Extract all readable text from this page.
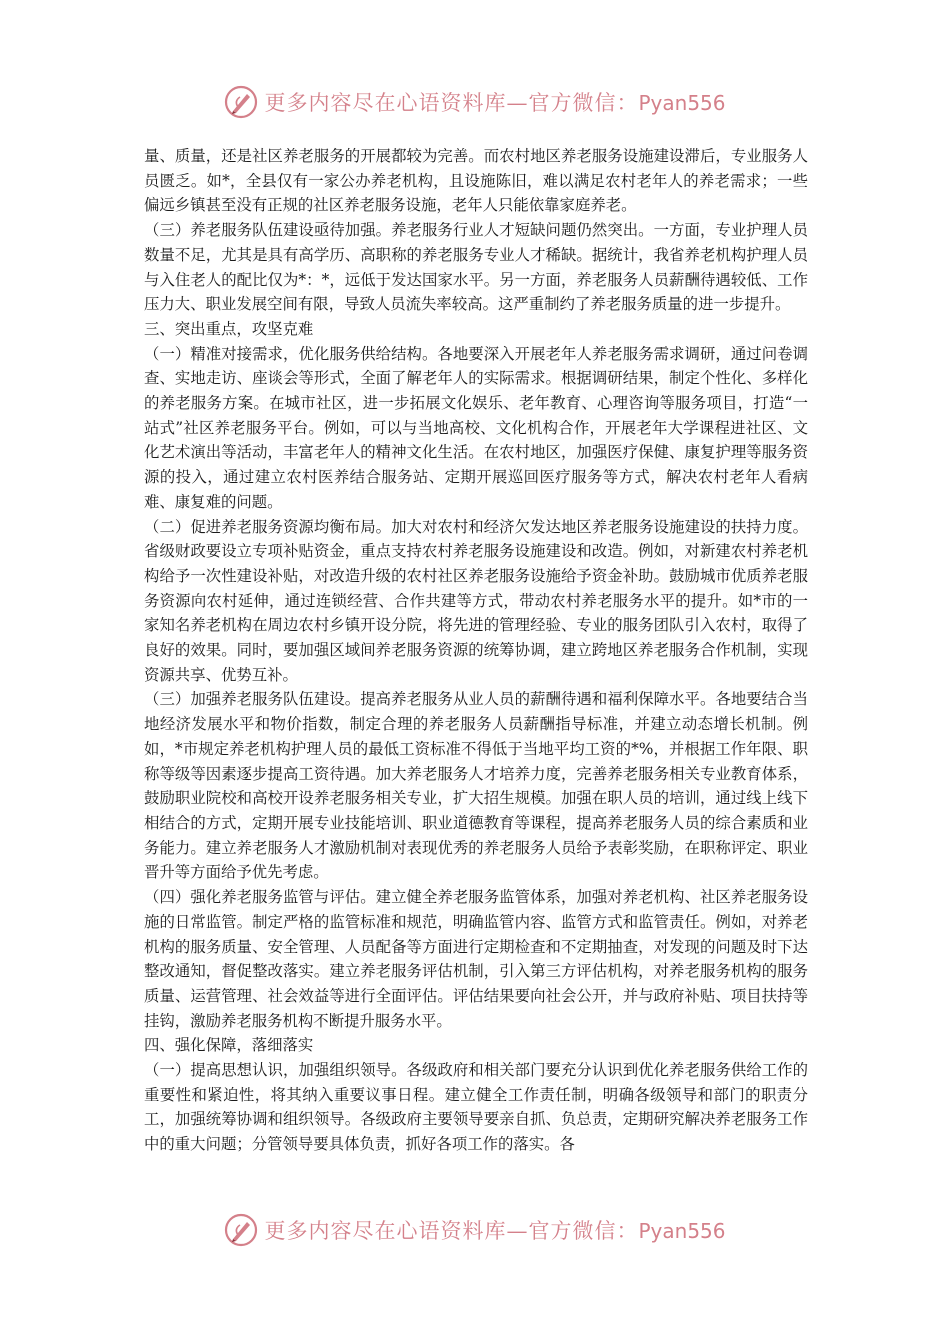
更多内容尽在心语资料库—官方微信：Pyan556

量、质量，还是社区养老服务的开展都较为完善。而农村地区养老服务设施建设滞后，专业服务人员匮乏。如*，全县仅有一家公办养老机构，且设施陈旧，难以满足农村老年人的养老需求；一些偏远乡镇甚至没有正规的社区养老服务设施，老年人只能依靠家庭养老。

（三）养老服务队伍建设亟待加强。养老服务行业人才短缺问题仍然突出。一方面，专业护理人员数量不足，尤其是具有高学历、高职称的养老服务专业人才稀缺。据统计，我省养老机构护理人员与入住老人的配比仅为*：*，远低于发达国家水平。另一方面，养老服务人员薪酬待遇较低、工作压力大、职业发展空间有限，导致人员流失率较高。这严重制约了养老服务质量的进一步提升。

三、突出重点，攻坚克难

（一）精准对接需求，优化服务供给结构。各地要深入开展老年人养老服务需求调研，通过问卷调查、实地走访、座谈会等形式，全面了解老年人的实际需求。根据调研结果，制定个性化、多样化的养老服务方案。在城市社区，进一步拓展文化娱乐、老年教育、心理咨询等服务项目，打造“一站式”社区养老服务平台。例如，可以与当地高校、文化机构合作，开展老年大学课程进社区、文化艺术演出等活动，丰富老年人的精神文化生活。在农村地区，加强医疗保健、康复护理等服务资源的投入，通过建立农村医养结合服务站、定期开展巡回医疗服务等方式，解决农村老年人看病难、康复难的问题。

（二）促进养老服务资源均衡布局。加大对农村和经济欠发达地区养老服务设施建设的扶持力度。省级财政要设立专项补贴资金，重点支持农村养老服务设施建设和改造。例如，对新建农村养老机构给予一次性建设补贴，对改造升级的农村社区养老服务设施给予资金补助。鼓励城市优质养老服务资源向农村延伸，通过连锁经营、合作共建等方式，带动农村养老服务水平的提升。如*市的一家知名养老机构在周边农村乡镇开设分院，将先进的管理经验、专业的服务团队引入农村，取得了良好的效果。同时，要加强区域间养老服务资源的统筹协调，建立跨地区养老服务合作机制，实现资源共享、优势互补。

（三）加强养老服务队伍建设。提高养老服务从业人员的薪酬待遇和福利保障水平。各地要结合当地经济发展水平和物价指数，制定合理的养老服务人员薪酬指导标准，并建立动态增长机制。例如，*市规定养老机构护理人员的最低工资标准不得低于当地平均工资的*%，并根据工作年限、职称等级等因素逐步提高工资待遇。加大养老服务人才培养力度，完善养老服务相关专业教育体系，鼓励职业院校和高校开设养老服务相关专业，扩大招生规模。加强在职人员的培训，通过线上线下相结合的方式，定期开展专业技能培训、职业道德教育等课程，提高养老服务人员的综合素质和业务能力。建立养老服务人才激励机制对表现优秀的养老服务人员给予表彰奖励，在职称评定、职业晋升等方面给予优先考虑。

（四）强化养老服务监管与评估。建立健全养老服务监管体系，加强对养老机构、社区养老服务设施的日常监管。制定严格的监管标准和规范，明确监管内容、监管方式和监管责任。例如，对养老机构的服务质量、安全管理、人员配备等方面进行定期检查和不定期抽查，对发现的问题及时下达整改通知，督促整改落实。建立养老服务评估机制，引入第三方评估机构，对养老服务机构的服务质量、运营管理、社会效益等进行全面评估。评估结果要向社会公开，并与政府补贴、项目扶持等挂钩，激励养老服务机构不断提升服务水平。

四、强化保障，落细落实

（一）提高思想认识，加强组织领导。各级政府和相关部门要充分认识到优化养老服务供给工作的重要性和紧迫性，将其纳入重要议事日程。建立健全工作责任制，明确各级领导和部门的职责分工，加强统筹协调和组织领导。各级政府主要领导要亲自抓、负总责，定期研究解决养老服务工作中的重大问题；分管领导要具体负责，抓好各项工作的落实。各

更多内容尽在心语资料库—官方微信：Pyan556
